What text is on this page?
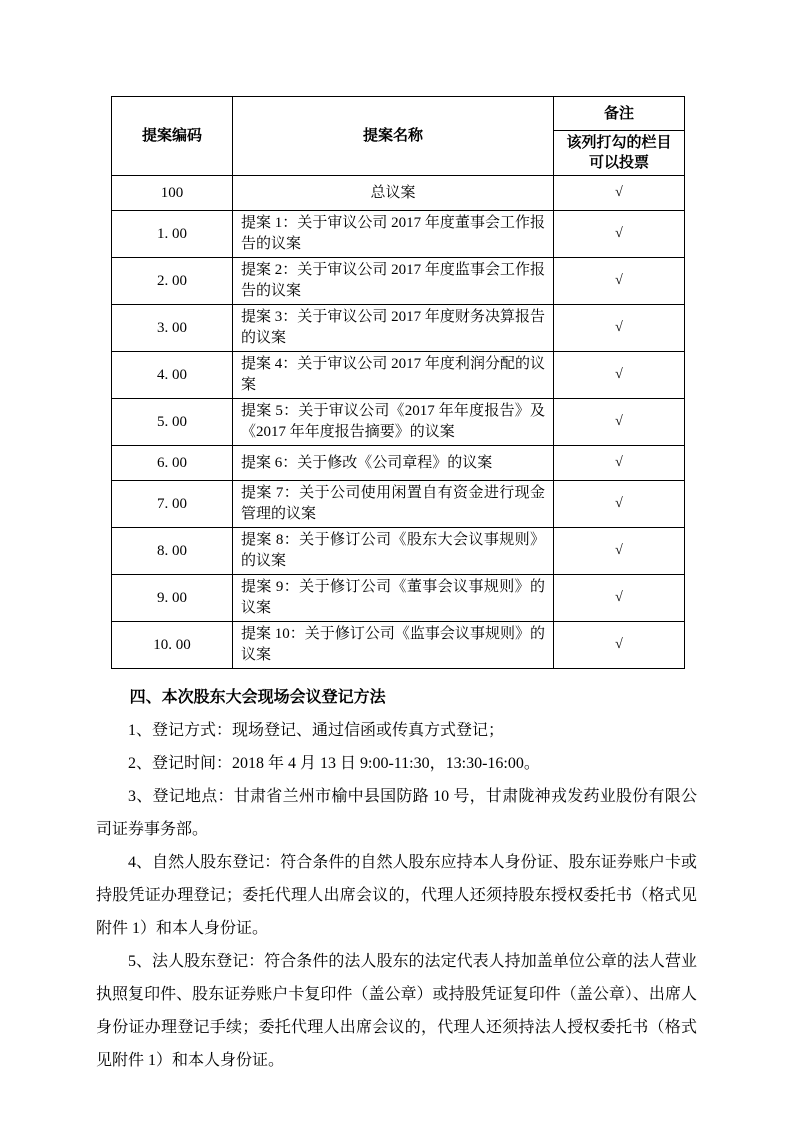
提案编码	提案名称	备注
		该列打勾的栏目可以投票
100	总议案	√
1. 00	提案 1：关于审议公司 2017 年度董事会工作报告的议案	√
2. 00	提案 2：关于审议公司 2017 年度监事会工作报告的议案	√
3. 00	提案 3：关于审议公司 2017 年度财务决算报告的议案	√
4. 00	提案 4：关于审议公司 2017 年度利润分配的议案	√
5. 00	提案 5：关于审议公司《2017 年年度报告》及《2017 年年度报告摘要》的议案	√
6. 00	提案 6：关于修改《公司章程》的议案	√
7. 00	提案 7：关于公司使用闲置自有资金进行现金管理的议案	√
8. 00	提案 8：关于修订公司《股东大会议事规则》的议案	√
9. 00	提案 9：关于修订公司《董事会议事规则》的议案	√
10. 00	提案 10：关于修订公司《监事会议事规则》的议案	√

四、本次股东大会现场会议登记方法

1、登记方式：现场登记、通过信函或传真方式登记；

2、登记时间：2018 年 4 月 13 日 9:00-11:30，13:30-16:00。

3、登记地点：甘肃省兰州市榆中县国防路 10 号，甘肃陇神戎发药业股份有限公司证券事务部。

4、自然人股东登记：符合条件的自然人股东应持本人身份证、股东证券账户卡或持股凭证办理登记；委托代理人出席会议的，代理人还须持股东授权委托书（格式见附件 1）和本人身份证。

5、法人股东登记：符合条件的法人股东的法定代表人持加盖单位公章的法人营业执照复印件、股东证券账户卡复印件（盖公章）或持股凭证复印件（盖公章）、出席人身份证办理登记手续；委托代理人出席会议的，代理人还须持法人授权委托书（格式见附件 1）和本人身份证。
